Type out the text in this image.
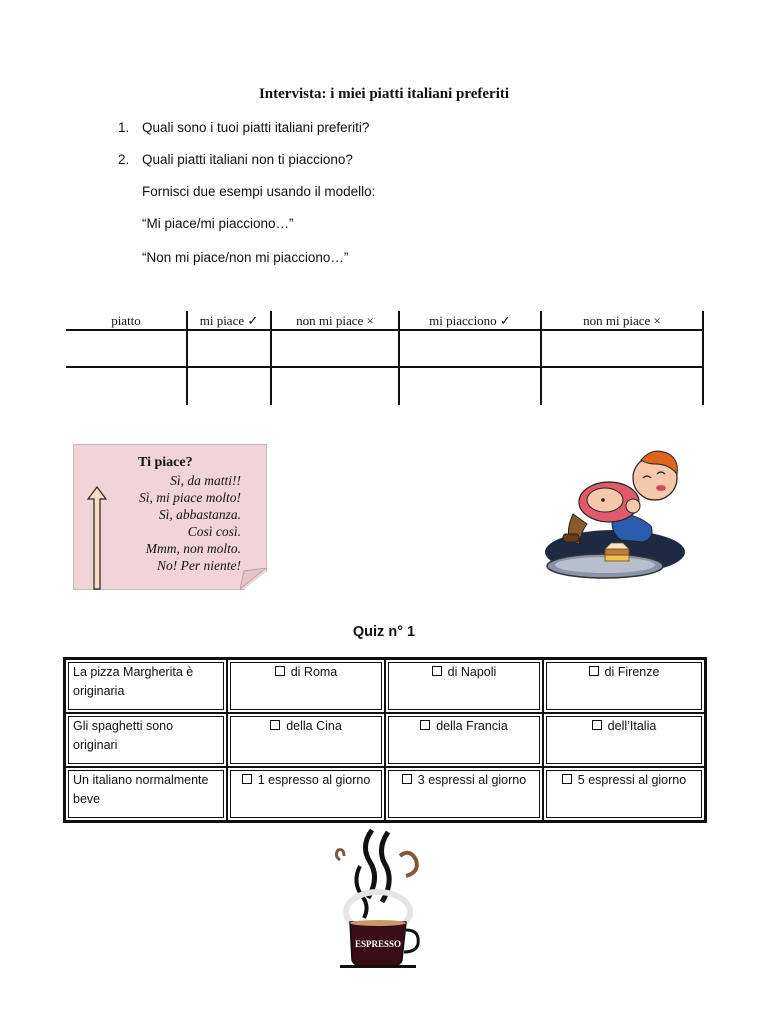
Intervista: i miei piatti italiani preferiti
1. Quali sono i tuoi piatti italiani preferiti?
2. Quali piatti italiani non ti piacciono?
Fornisci due esempi usando il modello:
“Mi piace/mi piacciono…”
“Non mi piace/non mi piacciono…”
piatto	mi piace ✓	non mi piace ×	mi piacciono ✓	non mi piace ×
Ti piace?
Sì, da matti!!
Sì, mi piace molto!
Sì, abbastanza.
Così così.
Mmm, non molto.
No! Per niente!
Quiz n° 1
La pizza Margherita è originaria	di Roma	di Napoli	di Firenze
Gli spaghetti sono originari	della Cina	della Francia	dell’Italia
Un italiano normalmente beve	1 espresso al giorno	3 espressi al giorno	5 espressi al giorno
ESPRESSO
